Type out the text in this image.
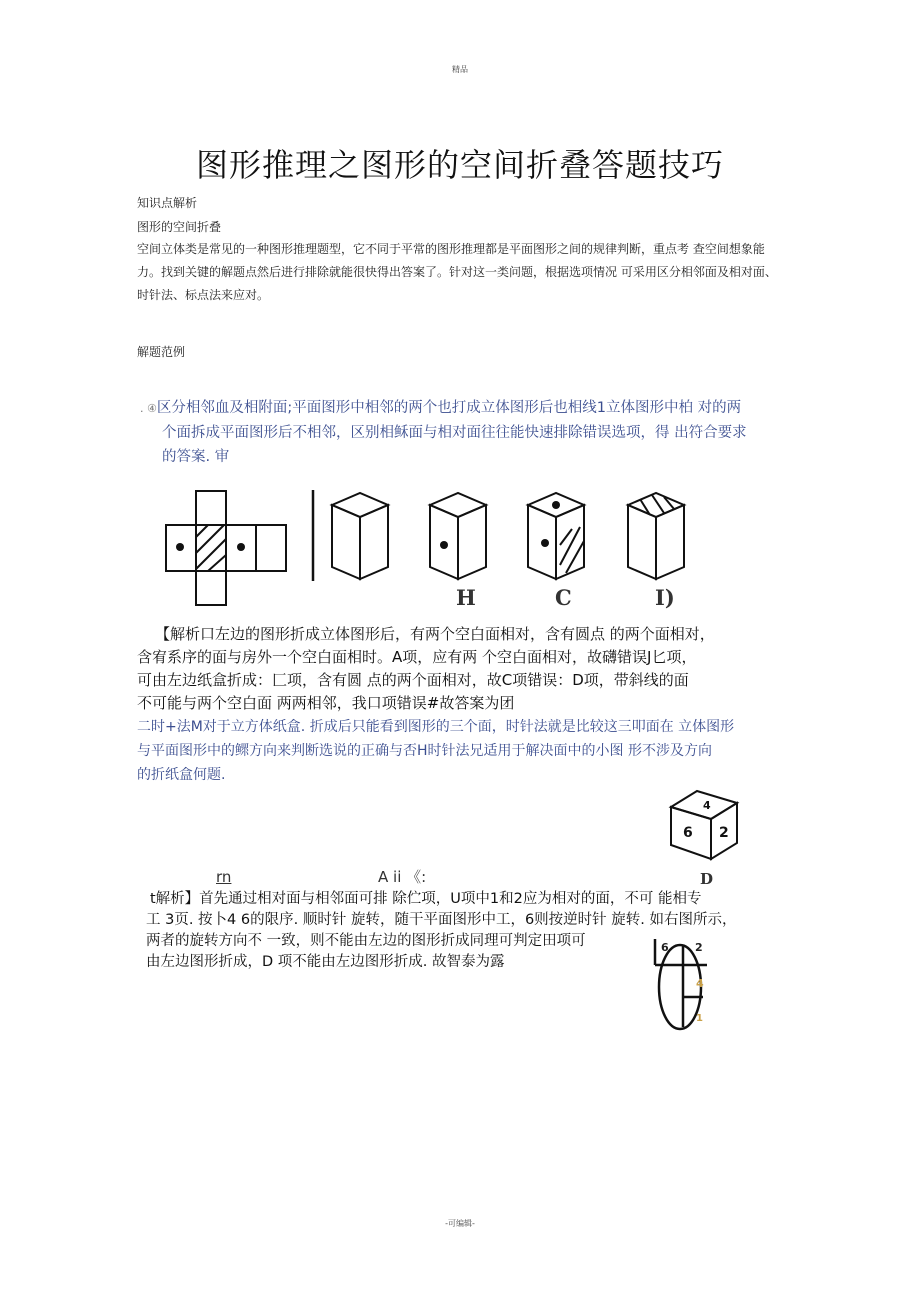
精品
图形推理之图形的空间折叠答题技巧
知识点解析
图形的空间折叠
空间立体类是常见的一种图形推理题型，它不同于平常的图形推理都是平面图形之间的规律判断，重点考 查空间想象能力。找到关键的解题点然后进行排除就能很快得出答案了。针对这一类问题，根据选项情况 可采用区分相邻面及相对面、时针法、标点法来应对。
解题范例
. ④区分相邻血及相附面;平面图形中相邻的两个也打成立体图形后也相线1立体图形中柏 对的两
个面拆成平面图形后不相邻，区别相稣面与相对面往往能快速排除错误选项，得 出符合要求
的答案. 审
H	C	I)
【解析口左边的图形折成立体图形后，有两个空白面相对，含有圆点 的两个面相对，
含宥系序的面与房外一个空白面相时。A项，应有两 个空白面相对，故礴错误J匕项，
可由左边纸盒折成：匚项，含有圆 点的两个面相对，故C项错误：D项，带斜线的面
不可能与两个空白面 两两相邻，我口项错误#故答案为团
二时+法M对于立方体纸盒. 折成后只能看到图形的三个面，时针法就是比较这三叩面在 立体图形
与平面图形中的鳏方向来判断选说的正确与否H时针法兄适用于解决面中的小图 形不涉及方向
的折纸盒何题.
4
6 2
rn	A ii 《:	D
t解析】首先通过相对面与相邻面可排 除伫项，U项中1和2应为相对的面，不可 能相专
工 3页. 按卜4 6的限序. 顺时针 旋转，随干平面图形中工，6则按逆时针 旋转. 如右图所示，
两者的旋转方向不 一致，则不能由左边的图形折成同理可判定田项可
由左边图形折成，D 项不能由左边图形折成. 故智泰为露
6 2
4
1
-可编辑-
